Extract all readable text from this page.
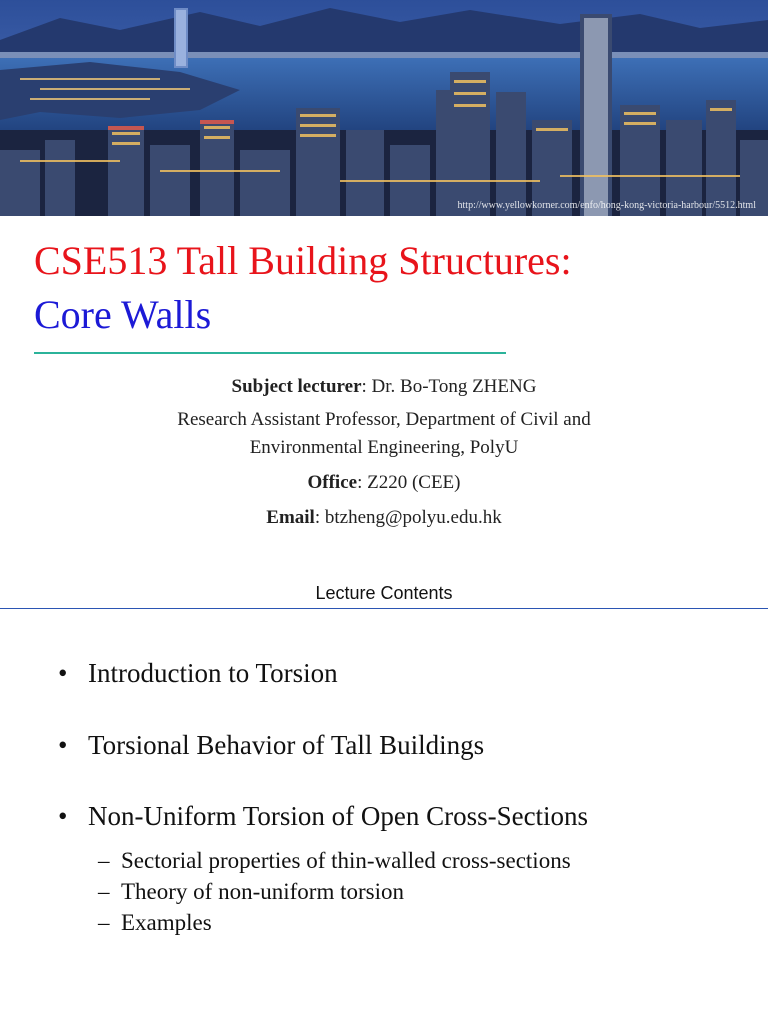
http://www.yellowkorner.com/enfo/hong-kong-victoria-harbour/5512.html
CSE513 Tall Building Structures:
Core Walls
Subject lecturer: Dr. Bo-Tong ZHENG
Research Assistant Professor, Department of Civil and
Environmental Engineering, PolyU
Office: Z220 (CEE)
Email: btzheng@polyu.edu.hk
Lecture Contents
• Introduction to Torsion
• Torsional Behavior of Tall Buildings
• Non-Uniform Torsion of Open Cross-Sections
– Sectorial properties of thin-walled cross-sections
– Theory of non-uniform torsion
– Examples
